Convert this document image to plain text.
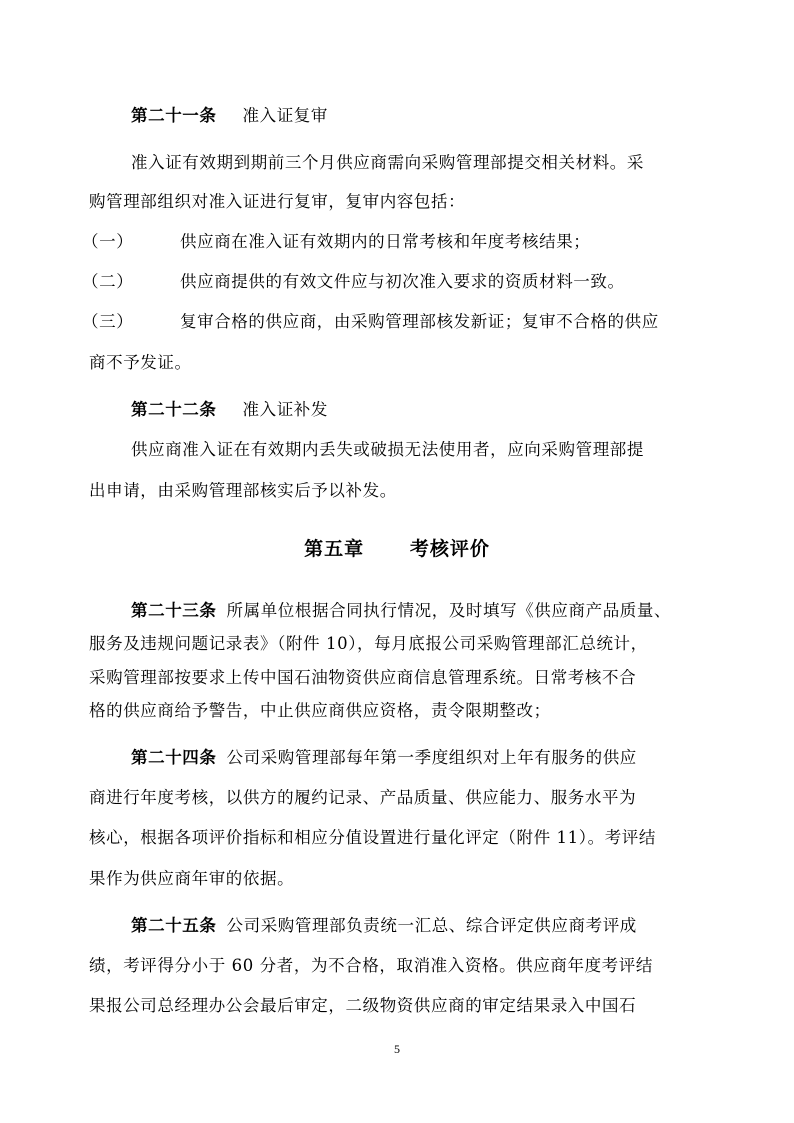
第二十一条 准入证复审
准入证有效期到期前三个月供应商需向采购管理部提交相关材料。采
购管理部组织对准入证进行复审，复审内容包括：
（一）	供应商在准入证有效期内的日常考核和年度考核结果；
（二）	供应商提供的有效文件应与初次准入要求的资质材料一致。
（三）	复审合格的供应商，由采购管理部核发新证；复审不合格的供应
商不予发证。
第二十二条 准入证补发
供应商准入证在有效期内丢失或破损无法使用者，应向采购管理部提
出申请，由采购管理部核实后予以补发。
第五章 考核评价
第二十三条 所属单位根据合同执行情况，及时填写《供应商产品质量、
服务及违规问题记录表》（附件 10），每月底报公司采购管理部汇总统计，
采购管理部按要求上传中国石油物资供应商信息管理系统。日常考核不合
格的供应商给予警告，中止供应商供应资格，责令限期整改；
第二十四条 公司采购管理部每年第一季度组织对上年有服务的供应
商进行年度考核，以供方的履约记录、产品质量、供应能力、服务水平为
核心，根据各项评价指标和相应分值设置进行量化评定（附件 11）。考评结
果作为供应商年审的依据。
第二十五条 公司采购管理部负责统一汇总、综合评定供应商考评成
绩，考评得分小于 60 分者，为不合格，取消准入资格。供应商年度考评结
果报公司总经理办公会最后审定，二级物资供应商的审定结果录入中国石
5
